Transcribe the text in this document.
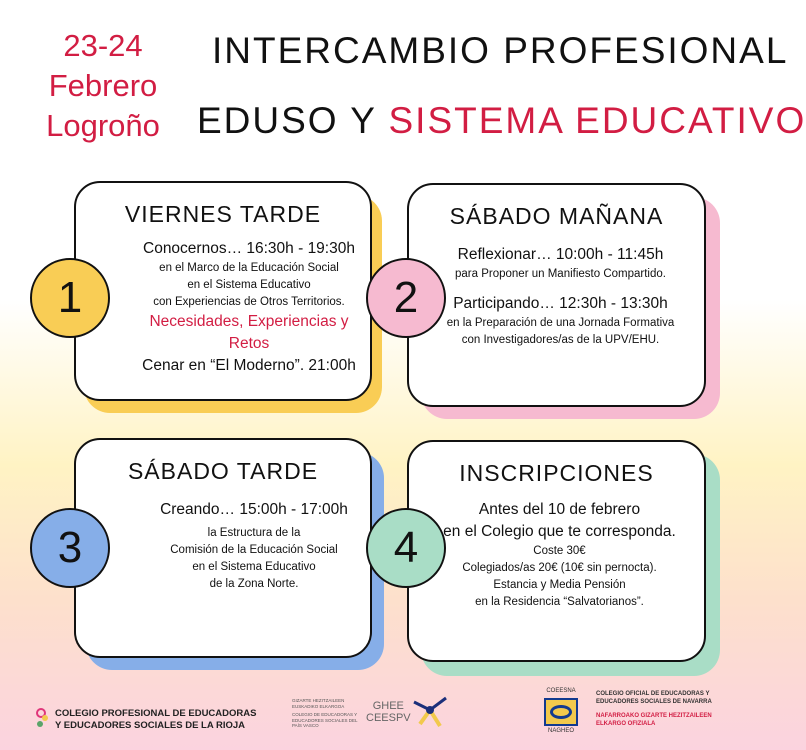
23-24
Febrero
Logroño
INTERCAMBIO PROFESIONAL
EDUSO Y SISTEMA EDUCATIVO
VIERNES TARDE
Conocernos… 16:30h - 19:30h
en el Marco de la Educación Social
en el Sistema Educativo
con Experiencias de Otros Territorios.
Necesidades, Experiencias y Retos
Cenar en “El Moderno”. 21:00h
1
SÁBADO MAÑANA
Reflexionar… 10:00h - 11:45h
para Proponer un Manifiesto Compartido.
Participando… 12:30h - 13:30h
en la Preparación de una Jornada Formativa
con Investigadores/as de la UPV/EHU.
2
SÁBADO TARDE
Creando… 15:00h - 17:00h
la Estructura de la
Comisión de la Educación Social
en el Sistema Educativo
de la Zona Norte.
3
INSCRIPCIONES
Antes del 10 de febrero
en el Colegio que te corresponda.
Coste 30€
Colegiados/as 20€ (10€ sin pernocta).
Estancia y Media Pensión
en la Residencia “Salvatorianos”.
4
COLEGIO PROFESIONAL DE EDUCADORAS
Y EDUCADORES SOCIALES DE LA RIOJA
GIZARTE HEZITZAILEEN EUSKADIKO ELKARGOA
COLEGIO DE EDUCADORAS Y EDUCADORES SOCIALES DEL PAÍS VASCO
GHEE
CEESPV
COEESNA
NAGHEO
COLEGIO OFICIAL DE EDUCADORAS Y
EDUCADORES SOCIALES DE NAVARRA
NAFARROAKO GIZARTE HEZITZAILEEN
ELKARGO OFIZIALA
